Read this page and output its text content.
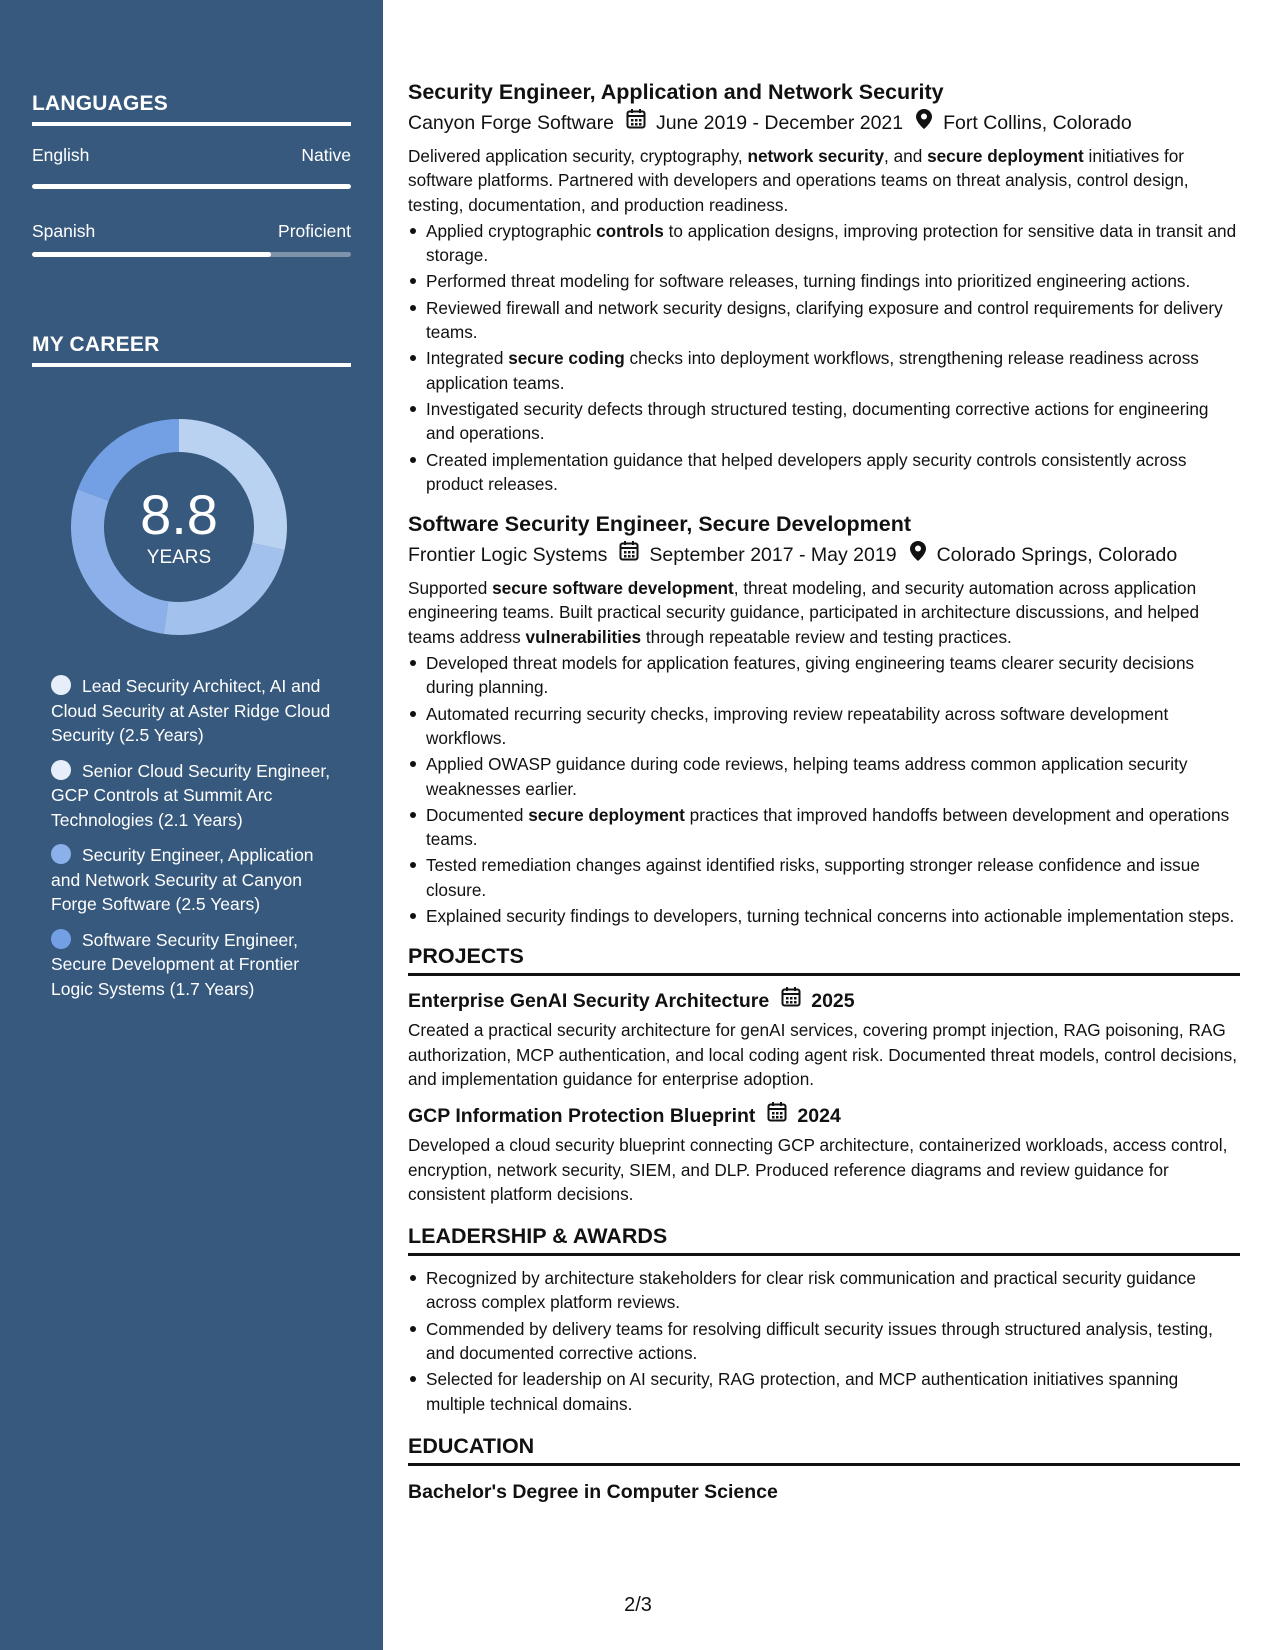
LANGUAGES
English	Native
Spanish	Proficient
MY CAREER
8.8
YEARS
Lead Security Architect, AI and Cloud Security at Aster Ridge Cloud Security (2.5 Years)
Senior Cloud Security Engineer, GCP Controls at Summit Arc Technologies (2.1 Years)
Security Engineer, Application and Network Security at Canyon Forge Software (2.5 Years)
Software Security Engineer, Secure Development at Frontier Logic Systems (1.7 Years)
Security Engineer, Application and Network Security
Canyon Forge Software June 2019 - December 2021 Fort Collins, Colorado
Delivered application security, cryptography, network security, and secure deployment initiatives for software platforms. Partnered with developers and operations teams on threat analysis, control design, testing, documentation, and production readiness.
Applied cryptographic controls to application designs, improving protection for sensitive data in transit and storage.
Performed threat modeling for software releases, turning findings into prioritized engineering actions.
Reviewed firewall and network security designs, clarifying exposure and control requirements for delivery teams.
Integrated secure coding checks into deployment workflows, strengthening release readiness across application teams.
Investigated security defects through structured testing, documenting corrective actions for engineering and operations.
Created implementation guidance that helped developers apply security controls consistently across product releases.
Software Security Engineer, Secure Development
Frontier Logic Systems September 2017 - May 2019 Colorado Springs, Colorado
Supported secure software development, threat modeling, and security automation across application engineering teams. Built practical security guidance, participated in architecture discussions, and helped teams address vulnerabilities through repeatable review and testing practices.
Developed threat models for application features, giving engineering teams clearer security decisions during planning.
Automated recurring security checks, improving review repeatability across software development workflows.
Applied OWASP guidance during code reviews, helping teams address common application security weaknesses earlier.
Documented secure deployment practices that improved handoffs between development and operations teams.
Tested remediation changes against identified risks, supporting stronger release confidence and issue closure.
Explained security findings to developers, turning technical concerns into actionable implementation steps.
PROJECTS
Enterprise GenAI Security Architecture 2025
Created a practical security architecture for genAI services, covering prompt injection, RAG poisoning, RAG authorization, MCP authentication, and local coding agent risk. Documented threat models, control decisions, and implementation guidance for enterprise adoption.
GCP Information Protection Blueprint 2024
Developed a cloud security blueprint connecting GCP architecture, containerized workloads, access control, encryption, network security, SIEM, and DLP. Produced reference diagrams and review guidance for consistent platform decisions.
LEADERSHIP & AWARDS
Recognized by architecture stakeholders for clear risk communication and practical security guidance across complex platform reviews.
Commended by delivery teams for resolving difficult security issues through structured analysis, testing, and documented corrective actions.
Selected for leadership on AI security, RAG protection, and MCP authentication initiatives spanning multiple technical domains.
EDUCATION
Bachelor's Degree in Computer Science
2/3
